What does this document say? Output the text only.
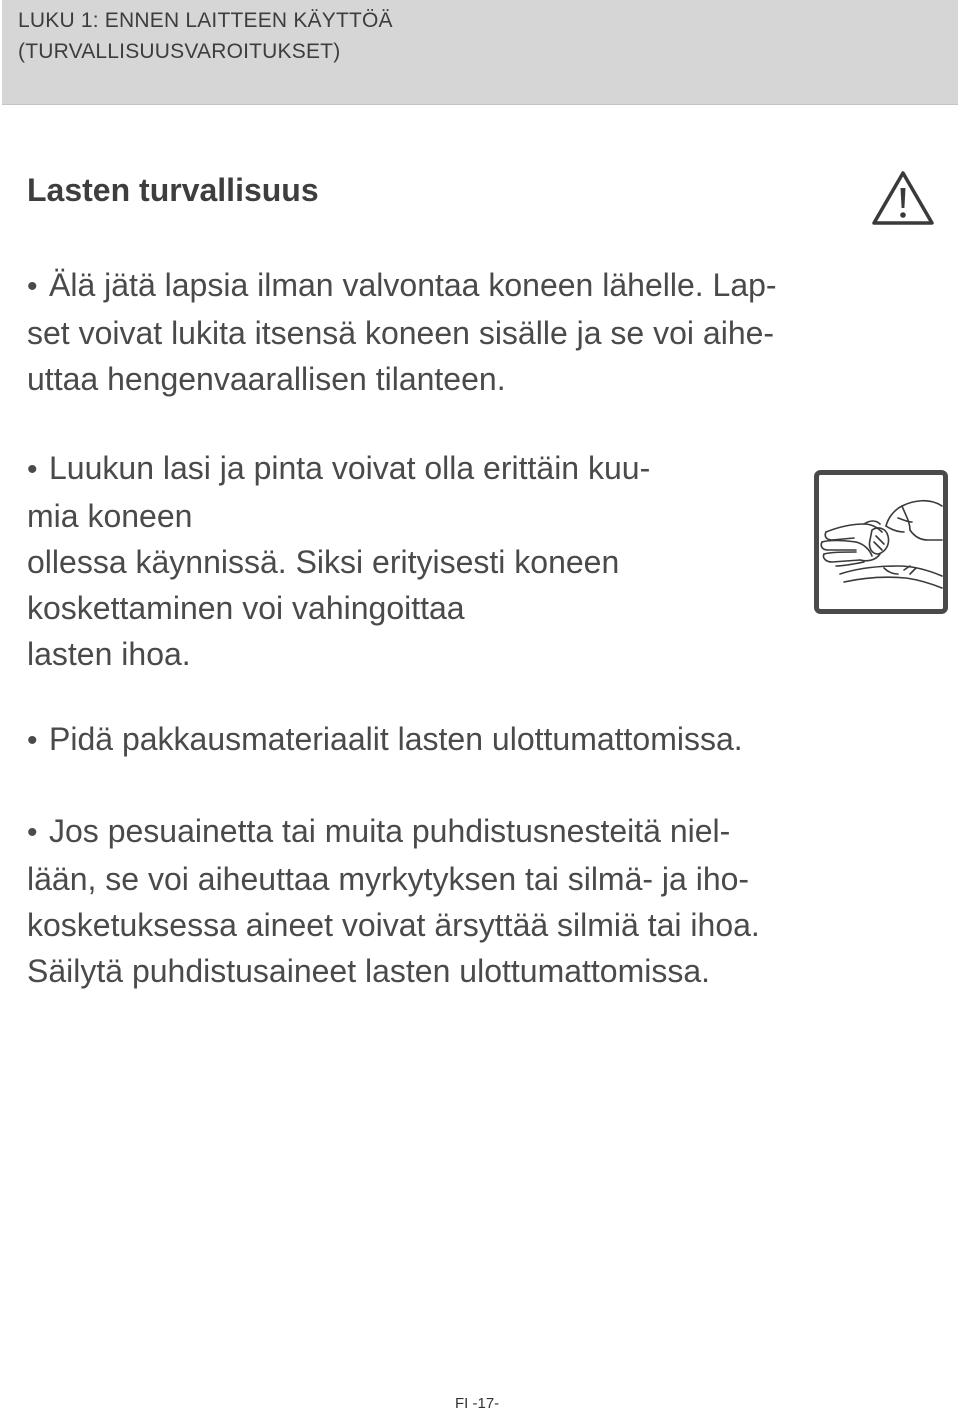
LUKU 1: ENNEN LAITTEEN KÄYTTÖÄ
(TURVALLISUUSVAROITUKSET)
Lasten turvallisuus
• Älä jätä lapsia ilman valvontaa koneen lähelle. Lap-
set voivat lukita itsensä koneen sisälle ja se voi aihe-
uttaa hengenvaarallisen tilanteen.
• Luukun lasi ja pinta voivat olla erittäin kuu-
mia koneen
ollessa käynnissä. Siksi erityisesti koneen
koskettaminen voi vahingoittaa
lasten ihoa.
• Pidä pakkausmateriaalit lasten ulottumattomissa.
• Jos pesuainetta tai muita puhdistusnesteitä niel-
lään, se voi aiheuttaa myrkytyksen tai silmä- ja iho-
kosketuksessa aineet voivat ärsyttää silmiä tai ihoa.
Säilytä puhdistusaineet lasten ulottumattomissa.
FI -17-
